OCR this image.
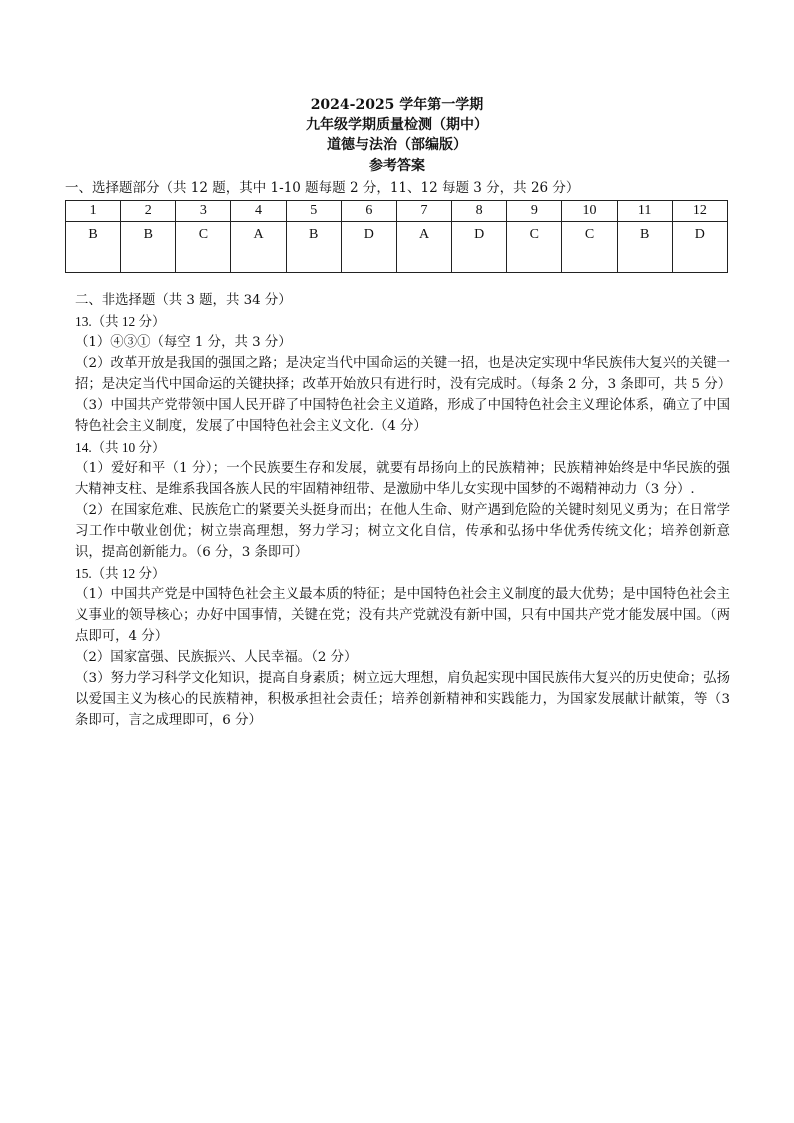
2024-2025 学年第一学期
九年级学期质量检测（期中）
道德与法治（部编版）
参考答案
一、选择题部分（共 12 题，其中 1-10 题每题 2 分，11、12 每题 3 分，共 26 分）
1	2	3	4	5	6	7	8	9	10	11	12
B	B	C	A	B	D	A	D	C	C	B	D

二、非选择题（共 3 题，共 34 分）

13.（共 12 分）

（1）④③①（每空 1 分，共 3 分）

（2）改革开放是我国的强国之路；是决定当代中国命运的关键一招，也是决定实现中华民族伟大复兴的关键一招；是决定当代中国命运的关键抉择；改革开始放只有进行时，没有完成时。（每条 2 分，3 条即可，共 5 分）

（3）中国共产党带领中国人民开辟了中国特色社会主义道路，形成了中国特色社会主义理论体系，确立了中国特色社会主义制度，发展了中国特色社会主义文化.（4 分）

14.（共 10 分）

（1）爱好和平（1 分）；一个民族要生存和发展，就要有昂扬向上的民族精神；民族精神始终是中华民族的强大精神支柱、是维系我国各族人民的牢固精神纽带、是激励中华儿女实现中国梦的不竭精神动力（3 分）.

（2）在国家危难、民族危亡的紧要关头挺身而出；在他人生命、财产遇到危险的关键时刻见义勇为；在日常学习工作中敬业创优；树立崇高理想，努力学习；树立文化自信，传承和弘扬中华优秀传统文化；培养创新意识，提高创新能力。（6 分，3 条即可）

15.（共 12 分）

（1）中国共产党是中国特色社会主义最本质的特征；是中国特色社会主义制度的最大优势；是中国特色社会主义事业的领导核心；办好中国事情，关键在党；没有共产党就没有新中国，只有中国共产党才能发展中国。（两点即可，4 分）

（2）国家富强、民族振兴、人民幸福。（2 分）

（3）努力学习科学文化知识，提高自身素质；树立远大理想，肩负起实现中国民族伟大复兴的历史使命；弘扬以爱国主义为核心的民族精神，积极承担社会责任；培养创新精神和实践能力，为国家发展献计献策，等（3 条即可，言之成理即可，6 分）
